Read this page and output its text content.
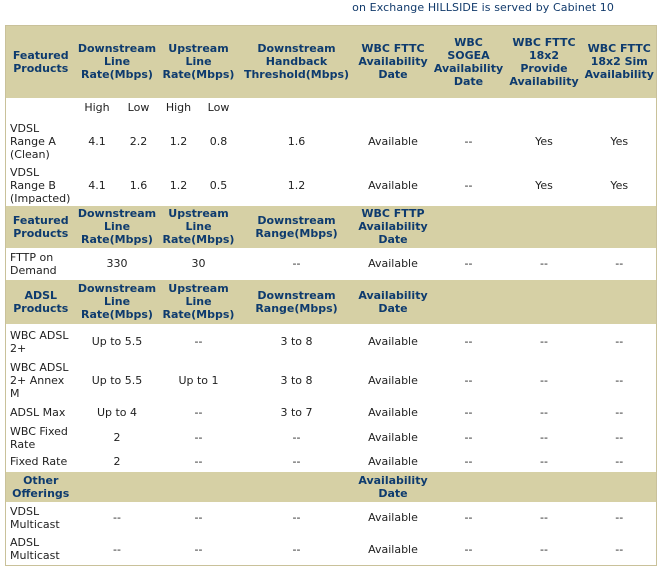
on Exchange HILLSIDE is served by Cabinet 10
Featured Products	Downstream Line Rate(Mbps)		Upstream Line Rate(Mbps)		Downstream Handback Threshold(Mbps)	WBC FTTC Availability Date	WBC SOGEA Availability Date	WBC FTTC 18x2 Provide Availability	WBC FTTC 18x2 Sim Availability
	High	Low	High	Low					
VDSL Range A (Clean)	4.1	2.2	1.2	0.8	1.6	Available	--	Yes	Yes
VDSL Range B (Impacted)	4.1	1.6	1.2	0.5	1.2	Available	--	Yes	Yes
Featured Products	Downstream Line Rate(Mbps)		Upstream Line Rate(Mbps)		Downstream Range(Mbps)	WBC FTTP Availability Date			
FTTP on Demand	330		30		--	Available	--	--	--
ADSL Products	Downstream Line Rate(Mbps)		Upstream Line Rate(Mbps)		Downstream Range(Mbps)	Availability Date			
WBC ADSL 2+	Up to 5.5		--		3 to 8	Available	--	--	--
WBC ADSL 2+ Annex M	Up to 5.5		Up to 1		3 to 8	Available	--	--	--
ADSL Max	Up to 4		--		3 to 7	Available	--	--	--
WBC Fixed Rate	2		--		--	Available	--	--	--
Fixed Rate	2		--		--	Available	--	--	--
Other Offerings						Availability Date			
VDSL Multicast	--		--		--	Available	--	--	--
ADSL Multicast	--		--		--	Available	--	--	--
